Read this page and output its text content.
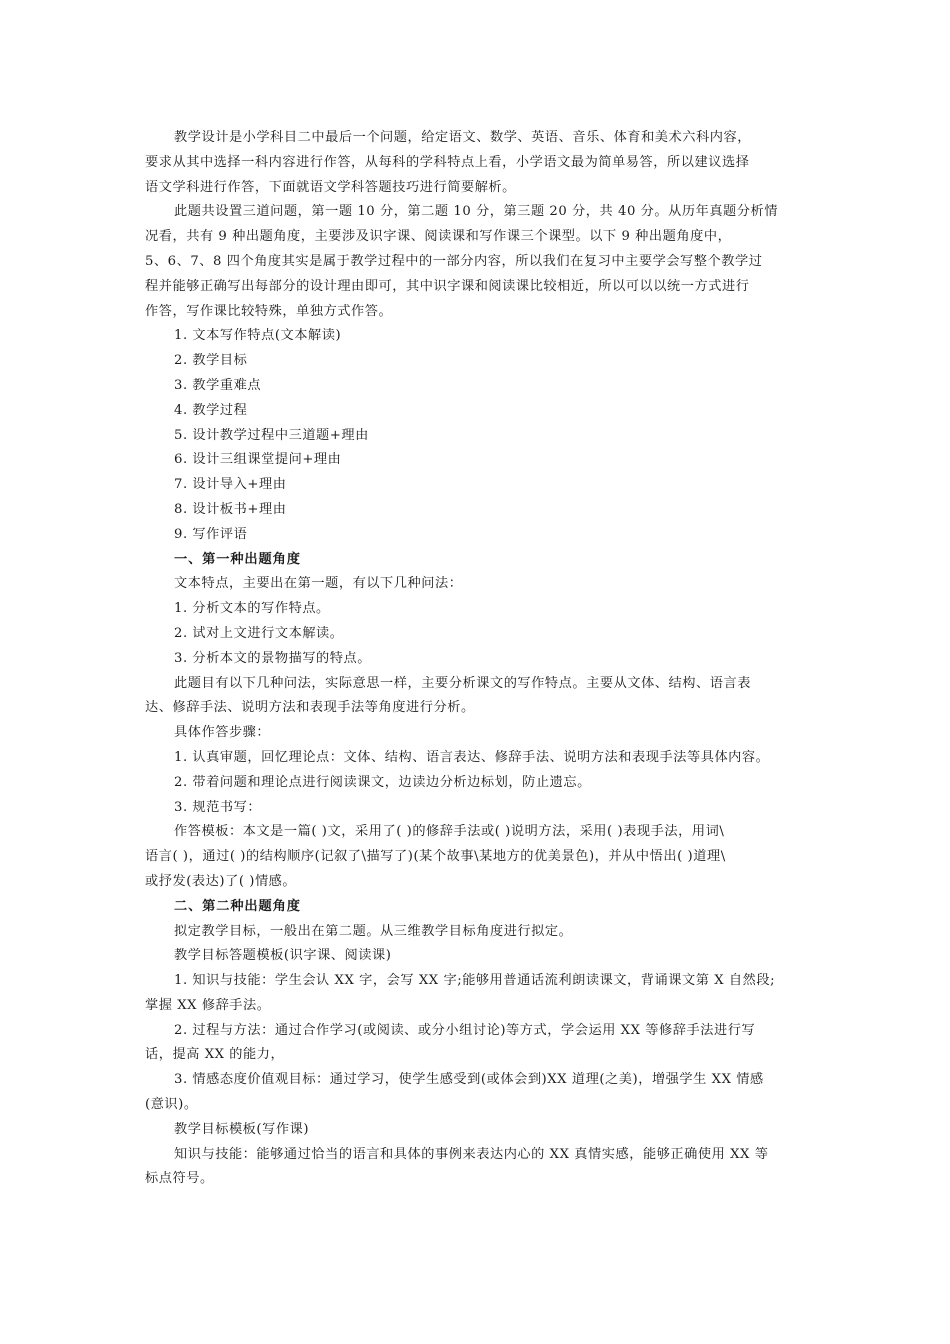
教学设计是小学科目二中最后一个问题，给定语文、数学、英语、音乐、体育和美术六科内容，
要求从其中选择一科内容进行作答，从每科的学科特点上看，小学语文最为简单易答，所以建议选择
语文学科进行作答，下面就语文学科答题技巧进行简要解析。

此题共设置三道问题，第一题 10 分，第二题 10 分，第三题 20 分，共 40 分。从历年真题分析情
况看，共有 9 种出题角度，主要涉及识字课、阅读课和写作课三个课型。以下 9 种出题角度中，
5、6、7、8 四个角度其实是属于教学过程中的一部分内容，所以我们在复习中主要学会写整个教学过
程并能够正确写出每部分的设计理由即可，其中识字课和阅读课比较相近，所以可以以统一方式进行
作答，写作课比较特殊，单独方式作答。

1. 文本写作特点(文本解读)
2. 教学目标
3. 教学重难点
4. 教学过程
5. 设计教学过程中三道题+理由
6. 设计三组课堂提问+理由
7. 设计导入+理由
8. 设计板书+理由
9. 写作评语
一、第一种出题角度
文本特点，主要出在第一题，有以下几种问法：
1. 分析文本的写作特点。
2. 试对上文进行文本解读。
3. 分析本文的景物描写的特点。
此题目有以下几种问法，实际意思一样，主要分析课文的写作特点。主要从文体、结构、语言表
达、修辞手法、说明方法和表现手法等角度进行分析。
具体作答步骤：
1. 认真审题，回忆理论点：文体、结构、语言表达、修辞手法、说明方法和表现手法等具体内容。
2. 带着问题和理论点进行阅读课文，边读边分析边标划，防止遗忘。
3. 规范书写：
作答模板：本文是一篇( )文，采用了( )的修辞手法或( )说明方法，采用( )表现手法，用词\
语言( )，通过( )的结构顺序(记叙了\描写了)(某个故事\某地方的优美景色)，并从中悟出( )道理\
或抒发(表达)了( )情感。
二、第二种出题角度
拟定教学目标，一般出在第二题。从三维教学目标角度进行拟定。
教学目标答题模板(识字课、阅读课)
1. 知识与技能：学生会认 XX 字，会写 XX 字;能够用普通话流利朗读课文，背诵课文第 X 自然段;
掌握 XX 修辞手法。
2. 过程与方法：通过合作学习(或阅读、或分小组讨论)等方式，学会运用 XX 等修辞手法进行写
话，提高 XX 的能力，
3. 情感态度价值观目标：通过学习，使学生感受到(或体会到)XX 道理(之美)，增强学生 XX 情感
(意识)。
教学目标模板(写作课)
知识与技能：能够通过恰当的语言和具体的事例来表达内心的 XX 真情实感，能够正确使用 XX 等
标点符号。
